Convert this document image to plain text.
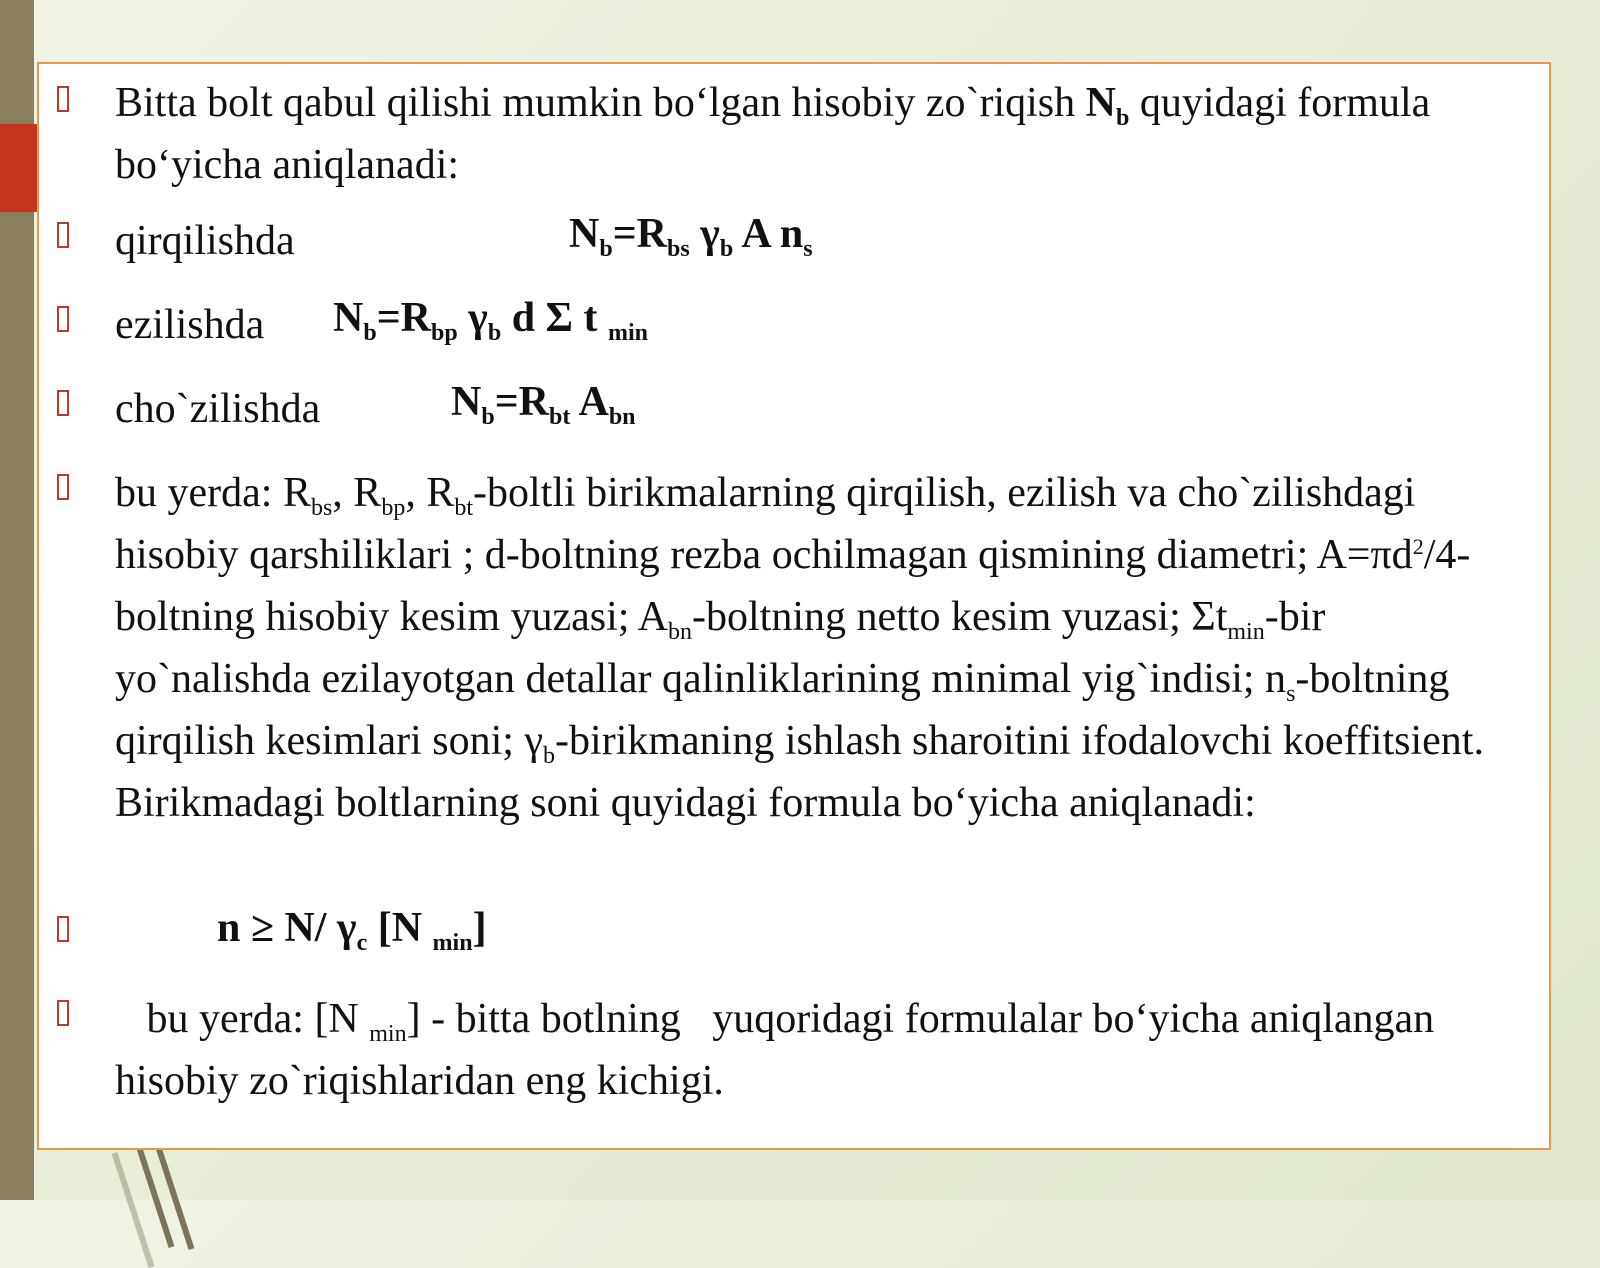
Bitta bolt qabul qilishi mumkin bo‘lgan hisobiy zo`riqish $N_b$ quyidagi formula bo‘yicha aniqlanadi:
qirqilishda	$N_b=R_{bs}$ $\gamma_b$ A $n_s$
ezilishda	$N_b=R_{bp}$ $\gamma_b$ d Σ t $_{min}$
cho`zilishda	$N_b=R_{bt}$ $A_{bn}$
bu yerda: $R_{bs}$, $R_{bp}$, $R_{bt}$-boltli birikmalarning qirqilish, ezilish va cho`zilishdagi hisobiy qarshiliklari ; d-boltning rezba ochilmagan qismining diametri; $A=\pi d^2/4$-boltning hisobiy kesim yuzasi; $A_{bn}$-boltning netto kesim yuzasi; $\Sigma t_{min}$-bir yo`nalishda ezilayotgan detallar qalinliklarining minimal yig`indisi; $n_s$-boltning qirqilish kesimlari soni; $\gamma_b$-birikmaning ishlash sharoitini ifodalovchi koeffitsient. Birikmadagi boltlarning soni quyidagi formula bo‘yicha aniqlanadi:
n ≥ N/ $\gamma_c$ [N $_{min}$]
bu yerda: [N $_{min}$] - bitta botlning   yuqoridagi formulalar bo‘yicha aniqlangan hisobiy zo`riqishlaridan eng kichigi.
